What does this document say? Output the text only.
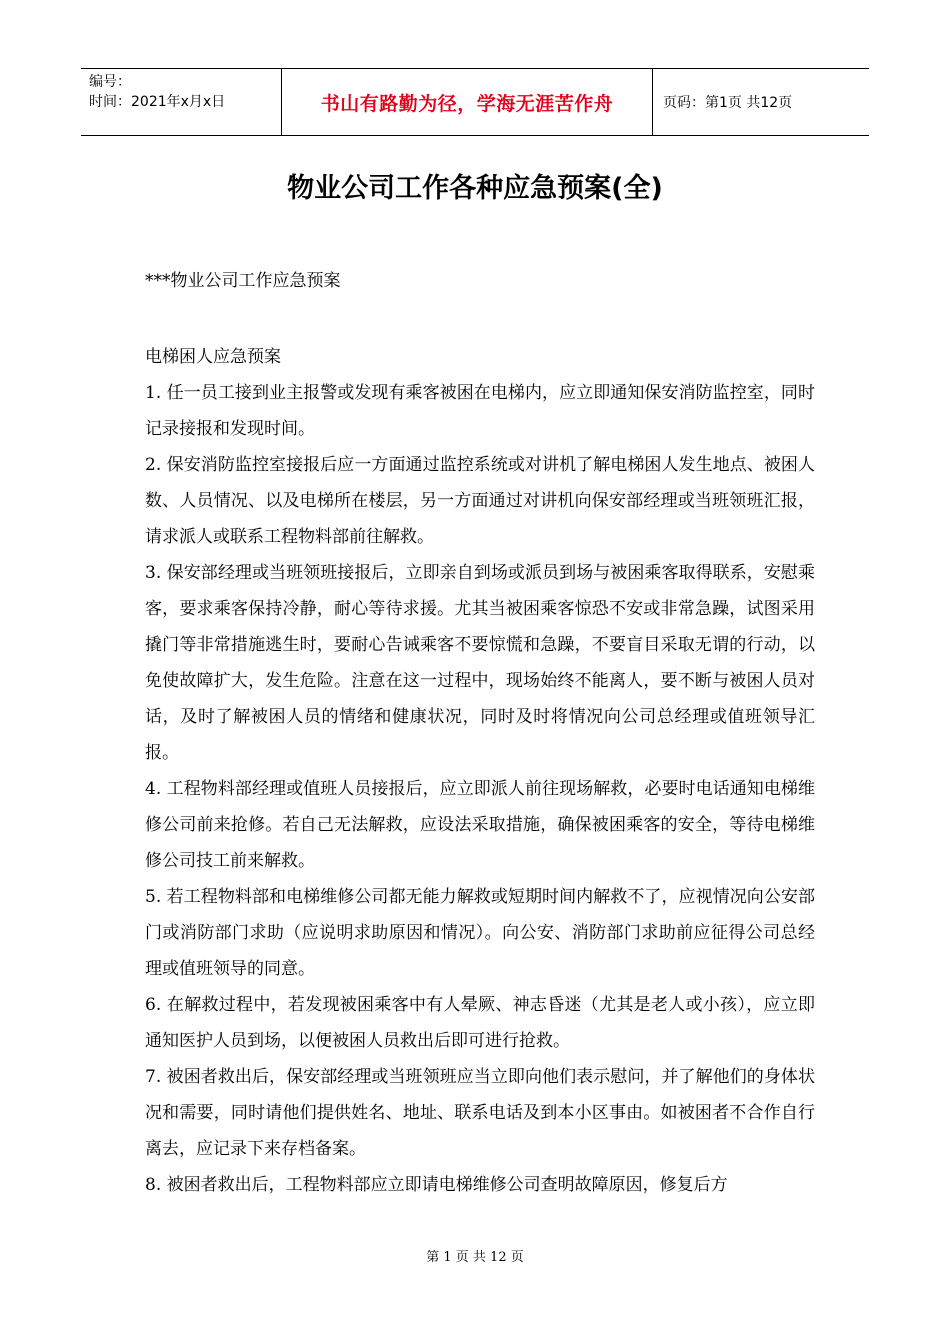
编号：
时间：2021年x月x日	书山有路勤为径，学海无涯苦作舟	页码：第1页 共12页
物业公司工作各种应急预案(全)
***物业公司工作应急预案

电梯困人应急预案

1. 任一员工接到业主报警或发现有乘客被困在电梯内，应立即通知保安消防监控室，同时记录接报和发现时间。

2. 保安消防监控室接报后应一方面通过监控系统或对讲机了解电梯困人发生地点、被困人数、人员情况、以及电梯所在楼层，另一方面通过对讲机向保安部经理或当班领班汇报，请求派人或联系工程物料部前往解救。

3. 保安部经理或当班领班接报后，立即亲自到场或派员到场与被困乘客取得联系，安慰乘客，要求乘客保持冷静，耐心等待求援。尤其当被困乘客惊恐不安或非常急躁，试图采用撬门等非常措施逃生时，要耐心告诫乘客不要惊慌和急躁，不要盲目采取无谓的行动，以免使故障扩大，发生危险。注意在这一过程中，现场始终不能离人，要不断与被困人员对话，及时了解被困人员的情绪和健康状况，同时及时将情况向公司总经理或值班领导汇报。

4. 工程物料部经理或值班人员接报后，应立即派人前往现场解救，必要时电话通知电梯维修公司前来抢修。若自己无法解救，应设法采取措施，确保被困乘客的安全，等待电梯维修公司技工前来解救。

5. 若工程物料部和电梯维修公司都无能力解救或短期时间内解救不了，应视情况向公安部门或消防部门求助（应说明求助原因和情况）。向公安、消防部门求助前应征得公司总经理或值班领导的同意。

6. 在解救过程中，若发现被困乘客中有人晕厥、神志昏迷（尤其是老人或小孩），应立即通知医护人员到场，以便被困人员救出后即可进行抢救。

7. 被困者救出后，保安部经理或当班领班应当立即向他们表示慰问，并了解他们的身体状况和需要，同时请他们提供姓名、地址、联系电话及到本小区事由。如被困者不合作自行离去，应记录下来存档备案。

8. 被困者救出后，工程物料部应立即请电梯维修公司查明故障原因，修复后方

第 1 页 共 12 页
